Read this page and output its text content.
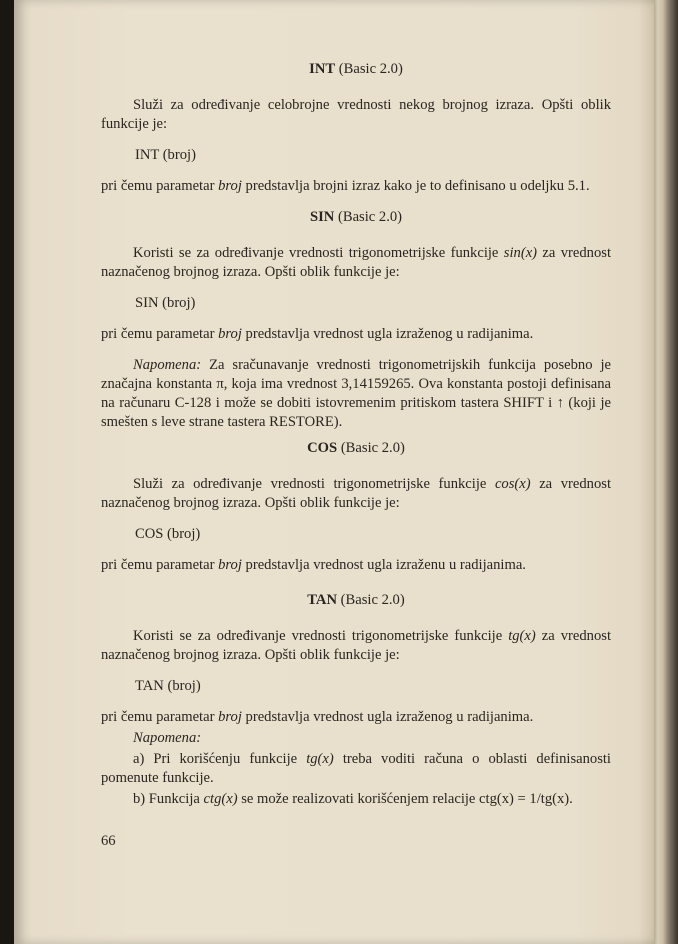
INT (Basic 2.0)

Služi za određivanje celobrojne vrednosti nekog brojnog izraza. Opšti oblik funkcije je:

INT (broj)

pri čemu parametar broj predstavlja brojni izraz kako je to definisano u odeljku 5.1.

SIN (Basic 2.0)

Koristi se za određivanje vrednosti trigonometrijske funkcije sin(x) za vrednost naznačenog brojnog izraza. Opšti oblik funkcije je:

SIN (broj)

pri čemu parametar broj predstavlja vrednost ugla izraženog u radijanima.

Napomena: Za sračunavanje vrednosti trigonometrijskih funkcija posebno je značajna konstanta π, koja ima vrednost 3,14159265. Ova konstanta postoji definisana na računaru C-128 i može se dobiti istovremenim pritiskom tastera SHIFT i ↑ (koji je smešten s leve strane tastera RESTORE).

COS (Basic 2.0)

Služi za određivanje vrednosti trigonometrijske funkcije cos(x) za vrednost naznačenog brojnog izraza. Opšti oblik funkcije je:

COS (broj)

pri čemu parametar broj predstavlja vrednost ugla izraženu u radijanima.

TAN (Basic 2.0)

Koristi se za određivanje vrednosti trigonometrijske funkcije tg(x) za vrednost naznačenog brojnog izraza. Opšti oblik funkcije je:

TAN (broj)

pri čemu parametar broj predstavlja vrednost ugla izraženog u radijanima.

Napomena:

a) Pri korišćenju funkcije tg(x) treba voditi računa o oblasti definisanosti pomenute funkcije.

b) Funkcija ctg(x) se može realizovati korišćenjem relacije ctg(x) = 1/tg(x).

66
